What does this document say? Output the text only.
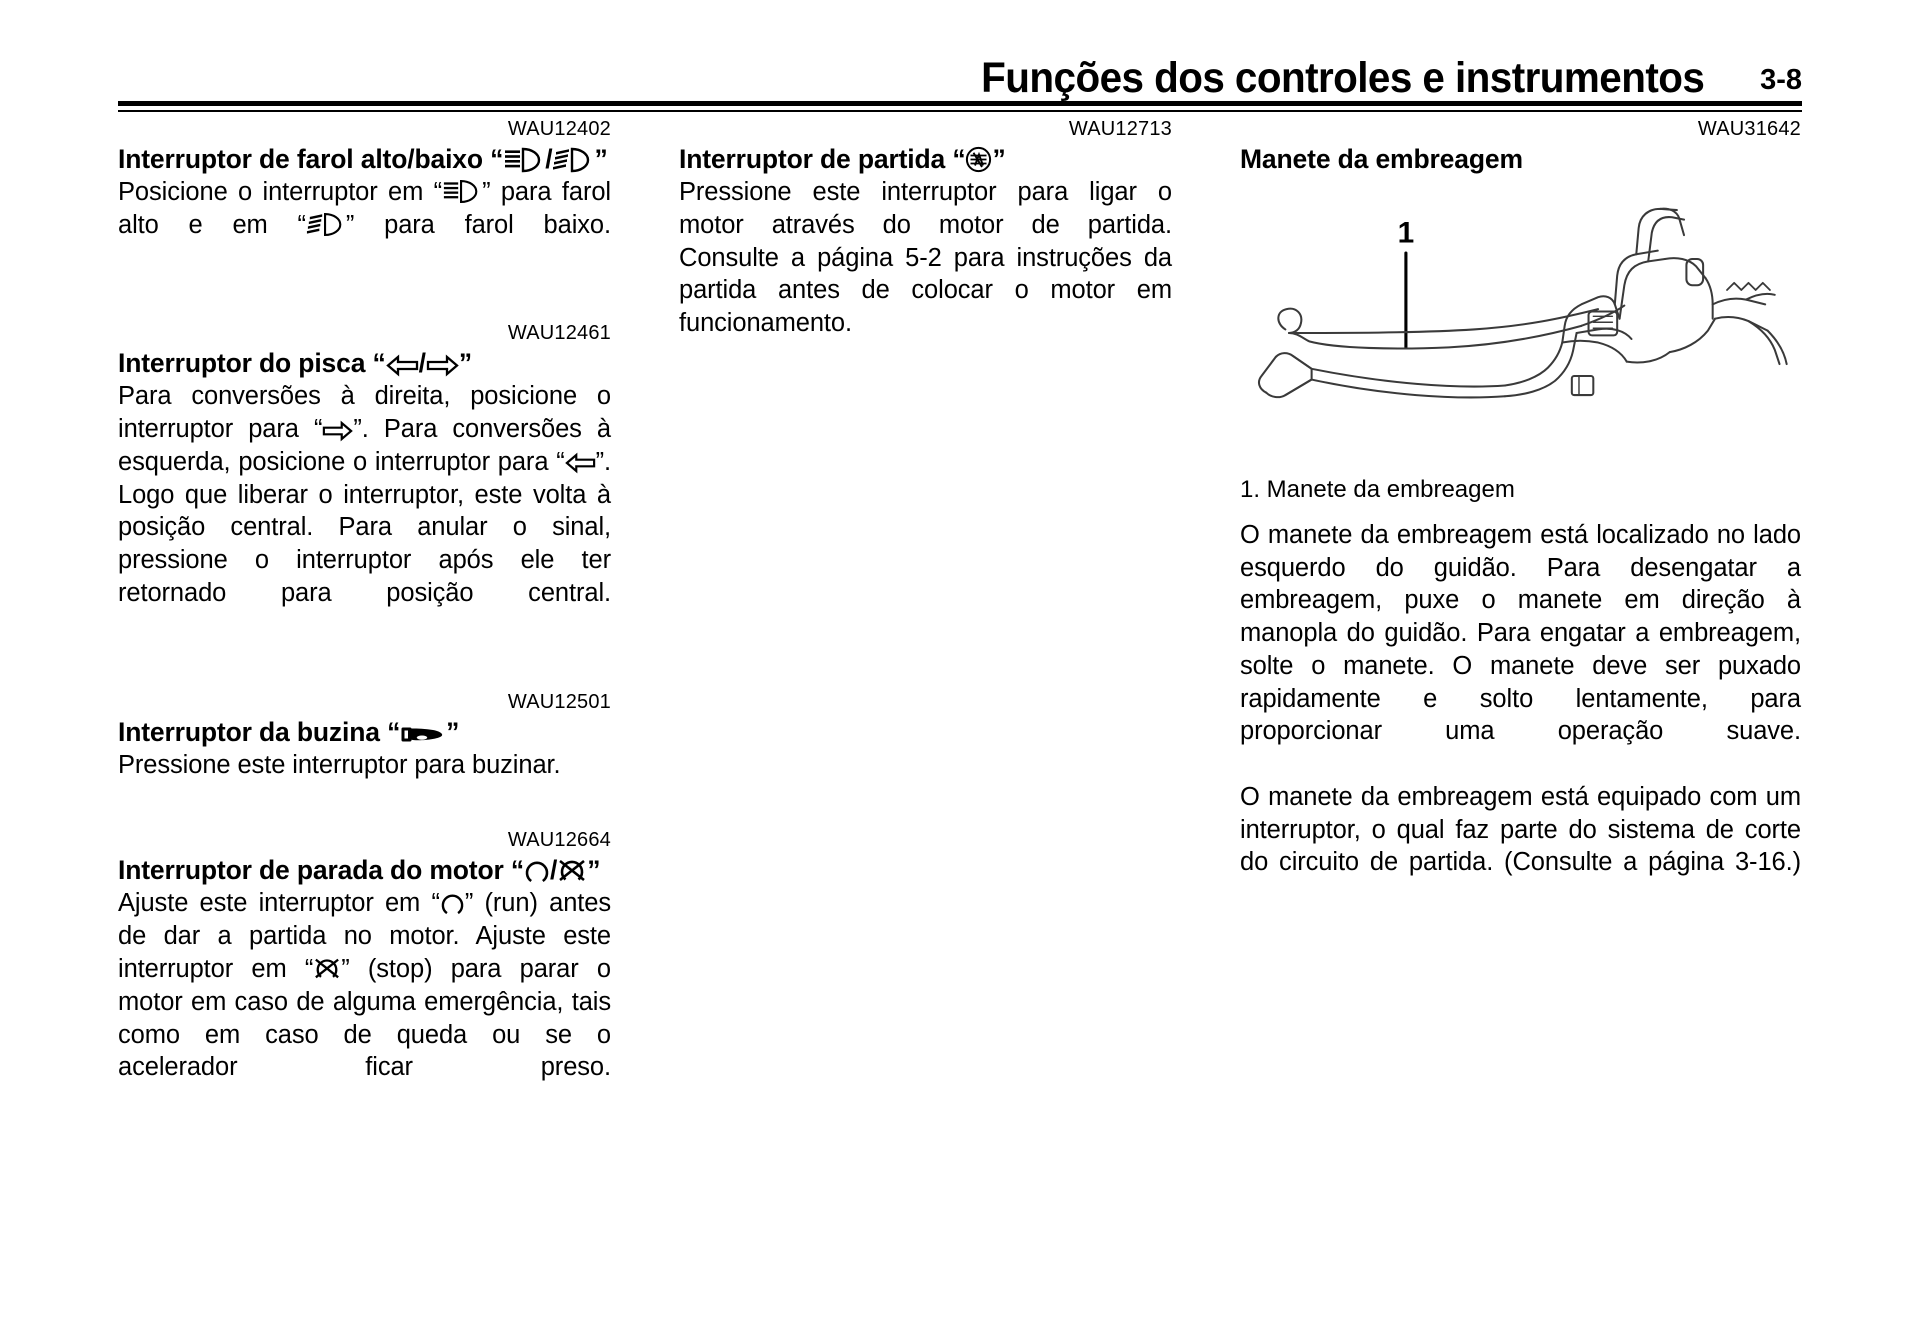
Funções dos controles e instrumentos 3-8

WAU12402

Interruptor de farol alto/baixo “ / ”

Posicione o interruptor em “ ” para farol alto e em “ ” para farol baixo.

WAU12461

Interruptor do pisca “ / ”

Para conversões à direita, posicione o interruptor para “ ”. Para conversões à esquerda, posicione o interruptor para “ ”. Logo que liberar o interruptor, este volta à posição central. Para anular o sinal, pressione o interruptor após ele ter retornado para posição central.

WAU12501

Interruptor da buzina “ ”

Pressione este interruptor para buzinar.

WAU12664

Interruptor de parada do motor “ / ”

Ajuste este interruptor em “ ” (run) antes de dar a partida no motor. Ajuste este interruptor em “ ” (stop) para parar o motor em caso de alguma emergência, tais como em caso de queda ou se o acelerador ficar preso.

WAU12713

Interruptor de partida “ ”

Pressione este interruptor para ligar o motor através do motor de partida. Consulte a página 5-2 para instruções da partida antes de colocar o motor em funcionamento.

WAU31642

Manete da embreagem
1

1. Manete da embreagem

O manete da embreagem está localizado no lado esquerdo do guidão. Para desengatar a embreagem, puxe o manete em direção à manopla do guidão. Para engatar a embreagem, solte o manete. O manete deve ser puxado rapidamente e solto lentamente, para proporcionar uma operação suave.

O manete da embreagem está equipado com um interruptor, o qual faz parte do sistema de corte do circuito de partida. (Consulte a página 3-16.)
